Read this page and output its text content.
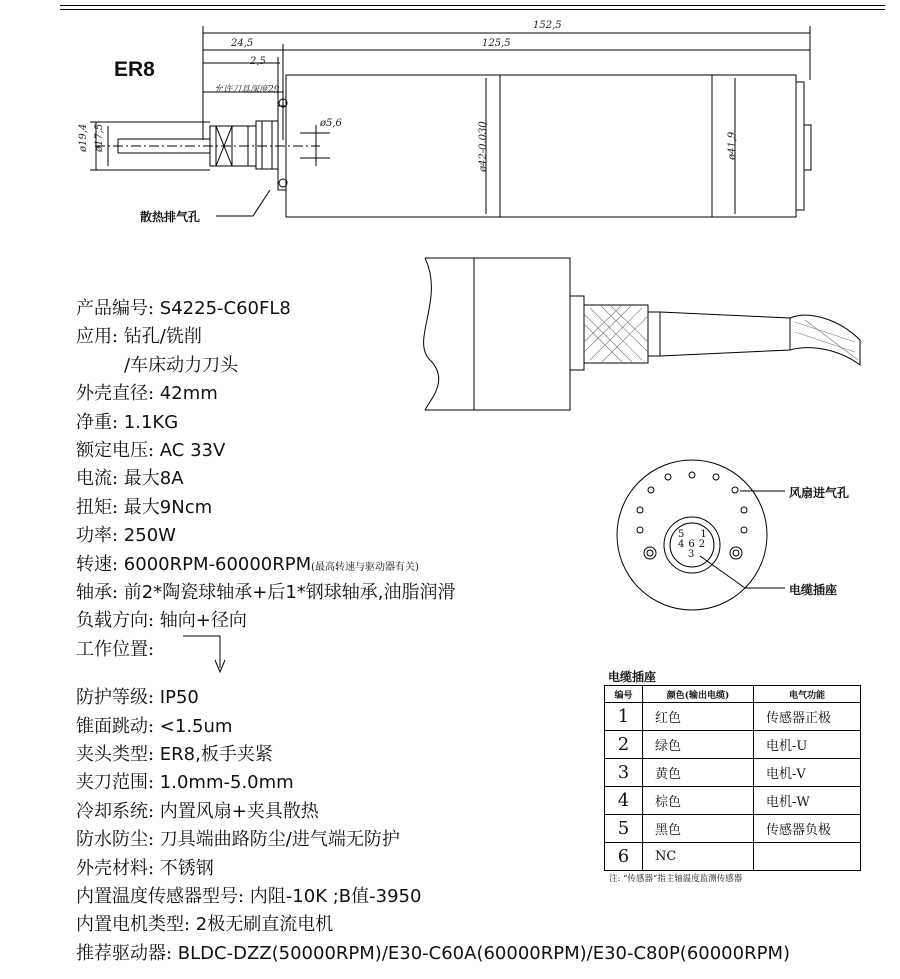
ER8
152,5
24,5	125,5
2,5
允许刀具深度29
ø19,4 ø17,5
ø5,6	ø42-0.030	ø41,9
散热排气孔
风扇进气孔
电缆插座
5 1
4 6 2
3
产品编号: S4225-C60FL8
应用: 钻孔/铣削
/车床动力刀头
外壳直径: 42mm
净重: 1.1KG
额定电压: AC 33V
电流: 最大8A
扭矩: 最大9Ncm
功率: 250W
转速: 6000RPM-60000RPM(最高转速与驱动器有关)
轴承: 前2*陶瓷球轴承+后1*钢球轴承,油脂润滑
负载方向: 轴向+径向
工作位置:
防护等级: IP50
锥面跳动: <1.5um
夹头类型: ER8,板手夹紧
夹刀范围: 1.0mm-5.0mm
冷却系统: 内置风扇+夹具散热
防水防尘: 刀具端曲路防尘/进气端无防护
外壳材料: 不锈钢
内置温度传感器型号: 内阻-10K ;B值-3950
内置电机类型: 2极无刷直流电机
推荐驱动器: BLDC-DZZ(50000RPM)/E30-C60A(60000RPM)/E30-C80P(60000RPM)
电缆插座
编号	颜色(输出电缆)	电气功能
1	红色	传感器正极
2	绿色	电机-U
3	黄色	电机-V
4	棕色	电机-W
5	黑色	传感器负极
6	NC	
注: “传感器”指主轴温度监测传感器
